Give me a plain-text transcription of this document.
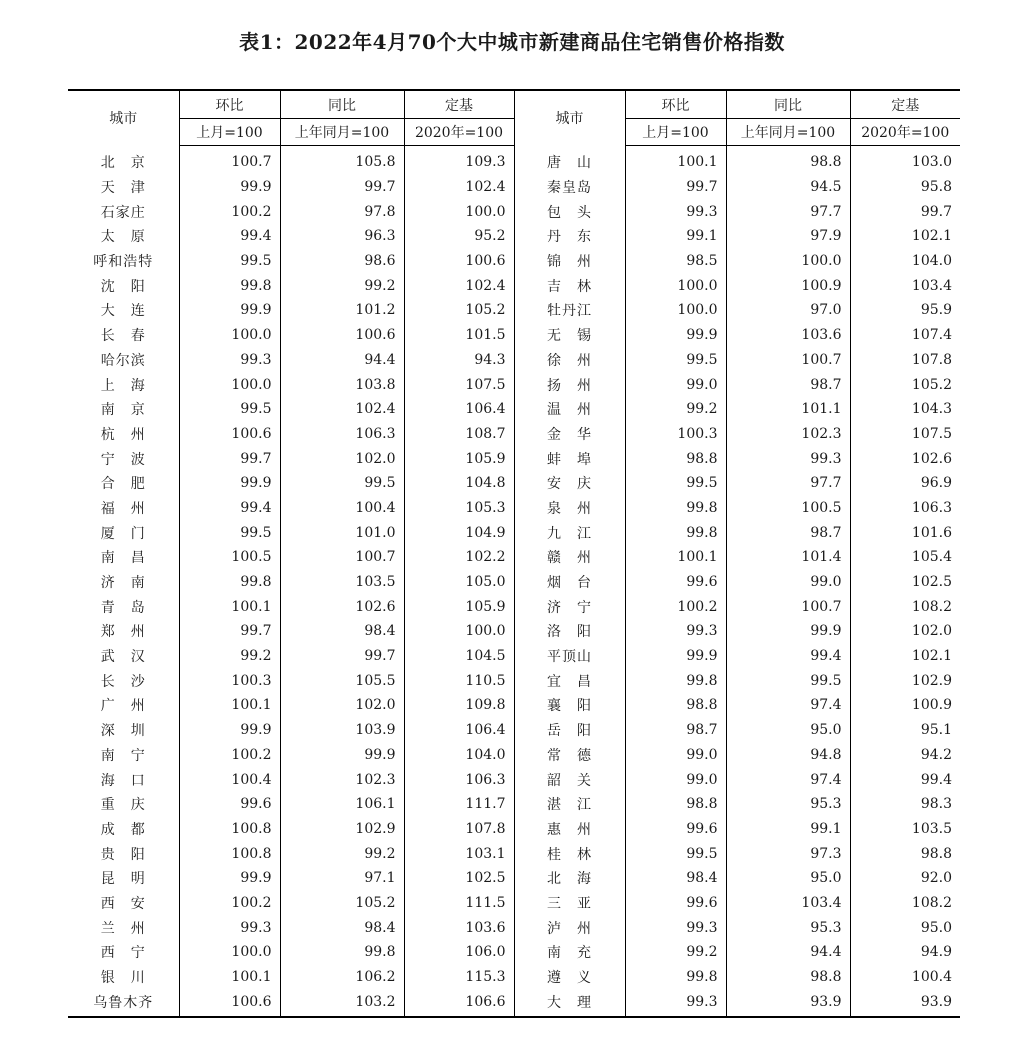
表1：2022年4月70个大中城市新建商品住宅销售价格指数
城市	环比	同比	定基	城市	环比	同比	定基
	上月=100	上年同月=100	2020年=100		上月=100	上年同月=100	2020年=100
北　京	100.7	105.8	109.3	唐　山	100.1	98.8	103.0
天　津	99.9	99.7	102.4	秦皇岛	99.7	94.5	95.8
石家庄	100.2	97.8	100.0	包　头	99.3	97.7	99.7
太　原	99.4	96.3	95.2	丹　东	99.1	97.9	102.1
呼和浩特	99.5	98.6	100.6	锦　州	98.5	100.0	104.0
沈　阳	99.8	99.2	102.4	吉　林	100.0	100.9	103.4
大　连	99.9	101.2	105.2	牡丹江	100.0	97.0	95.9
长　春	100.0	100.6	101.5	无　锡	99.9	103.6	107.4
哈尔滨	99.3	94.4	94.3	徐　州	99.5	100.7	107.8
上　海	100.0	103.8	107.5	扬　州	99.0	98.7	105.2
南　京	99.5	102.4	106.4	温　州	99.2	101.1	104.3
杭　州	100.6	106.3	108.7	金　华	100.3	102.3	107.5
宁　波	99.7	102.0	105.9	蚌　埠	98.8	99.3	102.6
合　肥	99.9	99.5	104.8	安　庆	99.5	97.7	96.9
福　州	99.4	100.4	105.3	泉　州	99.8	100.5	106.3
厦　门	99.5	101.0	104.9	九　江	99.8	98.7	101.6
南　昌	100.5	100.7	102.2	赣　州	100.1	101.4	105.4
济　南	99.8	103.5	105.0	烟　台	99.6	99.0	102.5
青　岛	100.1	102.6	105.9	济　宁	100.2	100.7	108.2
郑　州	99.7	98.4	100.0	洛　阳	99.3	99.9	102.0
武　汉	99.2	99.7	104.5	平顶山	99.9	99.4	102.1
长　沙	100.3	105.5	110.5	宜　昌	99.8	99.5	102.9
广　州	100.1	102.0	109.8	襄　阳	98.8	97.4	100.9
深　圳	99.9	103.9	106.4	岳　阳	98.7	95.0	95.1
南　宁	100.2	99.9	104.0	常　德	99.0	94.8	94.2
海　口	100.4	102.3	106.3	韶　关	99.0	97.4	99.4
重　庆	99.6	106.1	111.7	湛　江	98.8	95.3	98.3
成　都	100.8	102.9	107.8	惠　州	99.6	99.1	103.5
贵　阳	100.8	99.2	103.1	桂　林	99.5	97.3	98.8
昆　明	99.9	97.1	102.5	北　海	98.4	95.0	92.0
西　安	100.2	105.2	111.5	三　亚	99.6	103.4	108.2
兰　州	99.3	98.4	103.6	泸　州	99.3	95.3	95.0
西　宁	100.0	99.8	106.0	南　充	99.2	94.4	94.9
银　川	100.1	106.2	115.3	遵　义	99.8	98.8	100.4
乌鲁木齐	100.6	103.2	106.6	大　理	99.3	93.9	93.9
